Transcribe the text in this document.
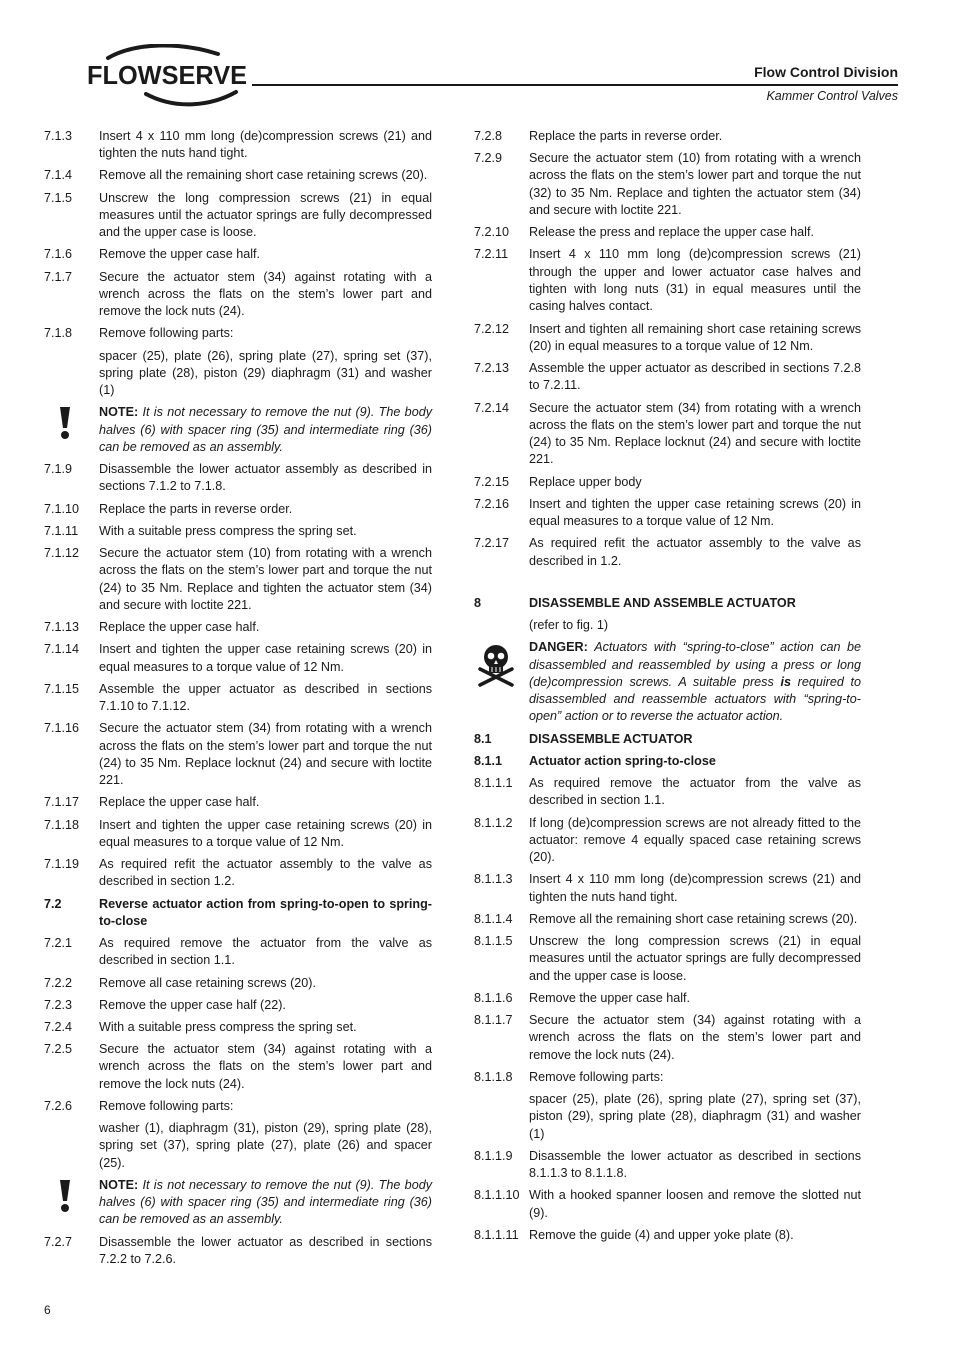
FLOWSERVE	Flow Control Division
Kammer Control Valves
7.1.3	Insert 4 x 110 mm long (de)compression screws (21) and tighten the nuts hand tight.
7.1.4	Remove all the remaining short case retaining screws (20).
7.1.5	Unscrew the long compression screws (21) in equal measures until the actuator springs are fully decompressed and the upper case is loose.
7.1.6	Remove the upper case half.
7.1.7	Secure the actuator stem (34) against rotating with a wrench across the flats on the stem’s lower part and remove the lock nuts (24).
7.1.8	Remove following parts:
spacer (25), plate (26), spring plate (27), spring set (37), spring plate (28), piston (29) diaphragm (31) and washer (1)
NOTE: It is not necessary to remove the nut (9). The body halves (6) with spacer ring (35) and intermediate ring (36) can be removed as an assembly.
7.1.9	Disassemble the lower actuator assembly as described in sections 7.1.2 to 7.1.8.
7.1.10	Replace the parts in reverse order.
7.1.11	With a suitable press compress the spring set.
7.1.12	Secure the actuator stem (10) from rotating with a wrench across the flats on the stem’s lower part and torque the nut (24) to 35 Nm. Replace and tighten the actuator stem (34) and secure with loctite 221.
7.1.13	Replace the upper case half.
7.1.14	Insert and tighten the upper case retaining screws (20) in equal measures to a torque value of 12 Nm.
7.1.15	Assemble the upper actuator as described in sections 7.1.10 to 7.1.12.
7.1.16	Secure the actuator stem (34) from rotating with a wrench across the flats on the stem’s lower part and torque the nut (24) to 35 Nm. Replace locknut (24) and secure with loctite 221.
7.1.17	Replace the upper case half.
7.1.18	Insert and tighten the upper case retaining screws (20) in equal measures to a torque value of 12 Nm.
7.1.19	As required refit the actuator assembly to the valve as described in section 1.2.
7.2	Reverse actuator action from spring-to-open to spring-to-close
7.2.1	As required remove the actuator from the valve as described in section 1.1.
7.2.2	Remove all case retaining screws (20).
7.2.3	Remove the upper case half (22).
7.2.4	With a suitable press compress the spring set.
7.2.5	Secure the actuator stem (34) against rotating with a wrench across the flats on the stem’s lower part and remove the lock nuts (24).
7.2.6	Remove following parts:
washer (1), diaphragm (31), piston (29), spring plate (28), spring set (37), spring plate (27), plate (26) and spacer (25).
NOTE: It is not necessary to remove the nut (9). The body halves (6) with spacer ring (35) and intermediate ring (36) can be removed as an assembly.
7.2.7	Disassemble the lower actuator as described in sections 7.2.2 to 7.2.6.
7.2.8	Replace the parts in reverse order.
7.2.9	Secure the actuator stem (10) from rotating with a wrench across the flats on the stem’s lower part and torque the nut (32) to 35 Nm. Replace and tighten the actuator stem (34) and secure with loctite 221.
7.2.10	Release the press and replace the upper case half.
7.2.11	Insert 4 x 110 mm long (de)compression screws (21) through the upper and lower actuator case halves and tighten with long nuts (31) in equal measures until the casing halves contact.
7.2.12	Insert and tighten all remaining short case retaining screws (20) in equal measures to a torque value of 12 Nm.
7.2.13	Assemble the upper actuator as described in sections 7.2.8 to 7.2.11.
7.2.14	Secure the actuator stem (34) from rotating with a wrench across the flats on the stem’s lower part and torque the nut (24) to 35 Nm. Replace locknut (24) and secure with loctite 221.
7.2.15	Replace upper body
7.2.16	Insert and tighten the upper case retaining screws (20) in equal measures to a torque value of 12 Nm.
7.2.17	As required refit the actuator assembly to the valve as described in 1.2.
8	DISASSEMBLE AND ASSEMBLE ACTUATOR
(refer to fig. 1)
DANGER: Actuators with “spring-to-close” action can be disassembled and reassembled by using a press or long (de)compression screws. A suitable press is required to disassembled and reassemble actuators with “spring-to-open” action or to reverse the actuator action.
8.1	DISASSEMBLE ACTUATOR
8.1.1	Actuator action spring-to-close
8.1.1.1	As required remove the actuator from the valve as described in section 1.1.
8.1.1.2	If long (de)compression screws are not already fitted to the actuator: remove 4 equally spaced case retaining screws (20).
8.1.1.3	Insert 4 x 110 mm long (de)compression screws (21) and tighten the nuts hand tight.
8.1.1.4	Remove all the remaining short case retaining screws (20).
8.1.1.5	Unscrew the long compression screws (21) in equal measures until the actuator springs are fully decompressed and the upper case is loose.
8.1.1.6	Remove the upper case half.
8.1.1.7	Secure the actuator stem (34) against rotating with a wrench across the flats on the stem’s lower part and remove the lock nuts (24).
8.1.1.8	Remove following parts:
spacer (25), plate (26), spring plate (27), spring set (37), piston (29), spring plate (28), diaphragm (31) and washer (1)
8.1.1.9	Disassemble the lower actuator as described in sections 8.1.1.3 to 8.1.1.8.
8.1.1.10 With a hooked spanner loosen and remove the slotted nut (9).
8.1.1.11 Remove the guide (4) and upper yoke plate (8).
6
